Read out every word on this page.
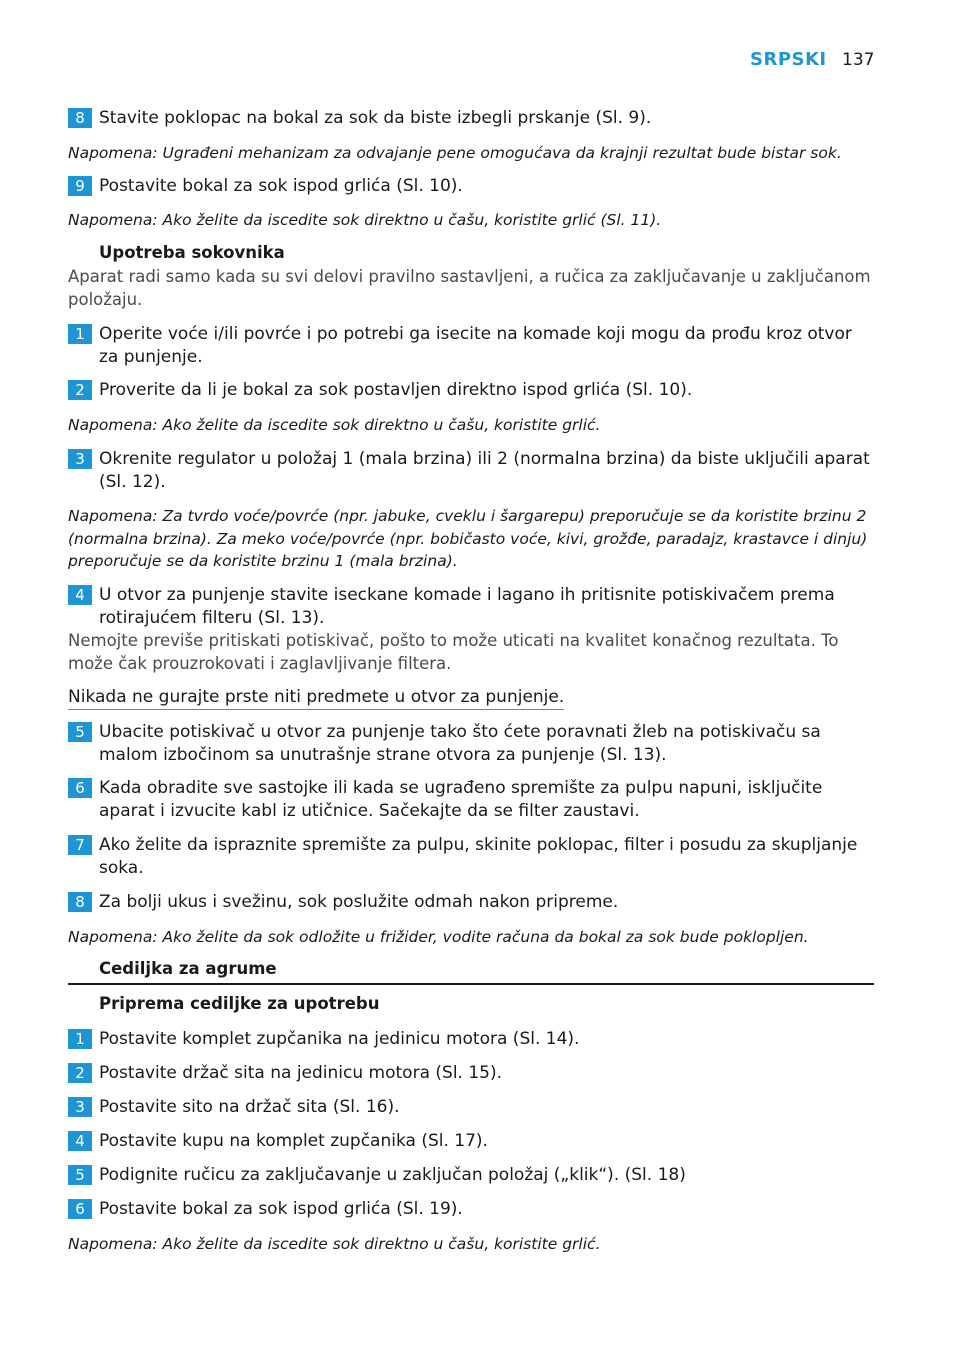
SRPSKI 137
8 Stavite poklopac na bokal za sok da biste izbegli prskanje (Sl. 9).
Napomena: Ugrađeni mehanizam za odvajanje pene omogućava da krajnji rezultat bude bistar sok.
9 Postavite bokal za sok ispod grlića (Sl. 10).
Napomena: Ako želite da iscedite sok direktno u čašu, koristite grlić (Sl. 11).
Upotreba sokovnika
Aparat radi samo kada su svi delovi pravilno sastavljeni, a ručica za zaključavanje u zaključanom položaju.
1 Operite voće i/ili povrće i po potrebi ga isecite na komade koji mogu da prođu kroz otvor za punjenje.
2 Proverite da li je bokal za sok postavljen direktno ispod grlića (Sl. 10).
Napomena: Ako želite da iscedite sok direktno u čašu, koristite grlić.
3 Okrenite regulator u položaj 1 (mala brzina) ili 2 (normalna brzina) da biste uključili aparat (Sl. 12).
Napomena: Za tvrdo voće/povrće (npr. jabuke, cveklu i šargarepu) preporučuje se da koristite brzinu 2 (normalna brzina). Za meko voće/povrće (npr. bobičasto voće, kivi, grožđe, paradajz, krastavce i dinju) preporučuje se da koristite brzinu 1 (mala brzina).
4 U otvor za punjenje stavite iseckane komade i lagano ih pritisnite potiskivačem prema rotirajućem filteru (Sl. 13).
Nemojte previše pritiskati potiskivač, pošto to može uticati na kvalitet konačnog rezultata. To može čak prouzrokovati i zaglavljivanje filtera.
Nikada ne gurajte prste niti predmete u otvor za punjenje.
5 Ubacite potiskivač u otvor za punjenje tako što ćete poravnati žleb na potiskivaču sa malom izbočinom sa unutrašnje strane otvora za punjenje (Sl. 13).
6 Kada obradite sve sastojke ili kada se ugrađeno spremište za pulpu napuni, isključite aparat i izvucite kabl iz utičnice. Sačekajte da se filter zaustavi.
7 Ako želite da ispraznite spremište za pulpu, skinite poklopac, filter i posudu za skupljanje soka.
8 Za bolji ukus i svežinu, sok poslužite odmah nakon pripreme.
Napomena: Ako želite da sok odložite u frižider, vodite računa da bokal za sok bude poklopljen.
Cediljka za agrume
Priprema cediljke za upotrebu
1 Postavite komplet zupčanika na jedinicu motora (Sl. 14).
2 Postavite držač sita na jedinicu motora (Sl. 15).
3 Postavite sito na držač sita (Sl. 16).
4 Postavite kupu na komplet zupčanika (Sl. 17).
5 Podignite ručicu za zaključavanje u zaključan položaj („klik“). (Sl. 18)
6 Postavite bokal za sok ispod grlića (Sl. 19).
Napomena: Ako želite da iscedite sok direktno u čašu, koristite grlić.
